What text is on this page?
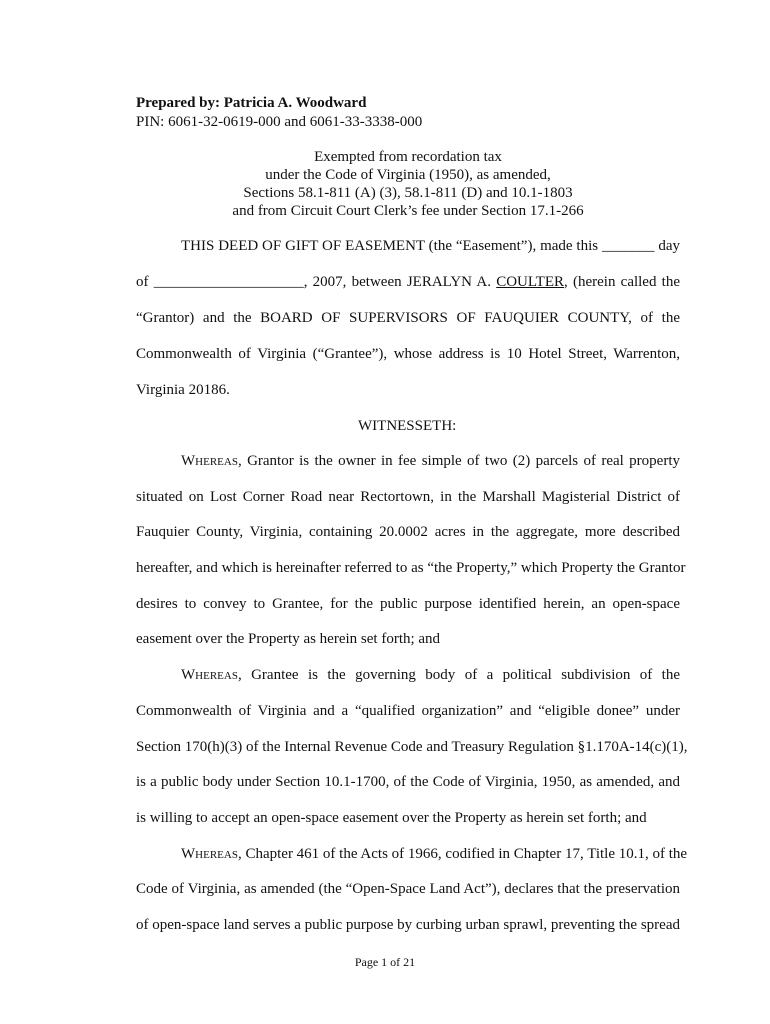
Prepared by: Patricia A. Woodward
PIN: 6061-32-0619-000 and 6061-33-3338-000
Exempted from recordation tax
under the Code of Virginia (1950), as amended,
Sections 58.1-811 (A) (3), 58.1-811 (D) and 10.1-1803
and from Circuit Court Clerk’s fee under Section 17.1-266
THIS DEED OF GIFT OF EASEMENT (the “Easement”), made this _______ day
of ____________________, 2007, between JERALYN A. COULTER, (herein called the
“Grantor) and the BOARD OF SUPERVISORS OF FAUQUIER COUNTY, of the
Commonwealth of Virginia (“Grantee”), whose address is 10 Hotel Street, Warrenton,
Virginia 20186.
WITNESSETH:
Whereas, Grantor is the owner in fee simple of two (2) parcels of real property
situated on Lost Corner Road near Rectortown, in the Marshall Magisterial District of
Fauquier County, Virginia, containing 20.0002 acres in the aggregate, more described
hereafter, and which is hereinafter referred to as “the Property,” which Property the Grantor
desires to convey to Grantee, for the public purpose identified herein, an open-space
easement over the Property as herein set forth; and
Whereas, Grantee is the governing body of a political subdivision of the
Commonwealth of Virginia and a “qualified organization” and “eligible donee” under
Section 170(h)(3) of the Internal Revenue Code and Treasury Regulation §1.170A-14(c)(1),
is a public body under Section 10.1-1700, of the Code of Virginia, 1950, as amended, and
is willing to accept an open-space easement over the Property as herein set forth; and
Whereas, Chapter 461 of the Acts of 1966, codified in Chapter 17, Title 10.1, of the
Code of Virginia, as amended (the “Open-Space Land Act”), declares that the preservation
of open-space land serves a public purpose by curbing urban sprawl, preventing the spread
Page 1 of 21
